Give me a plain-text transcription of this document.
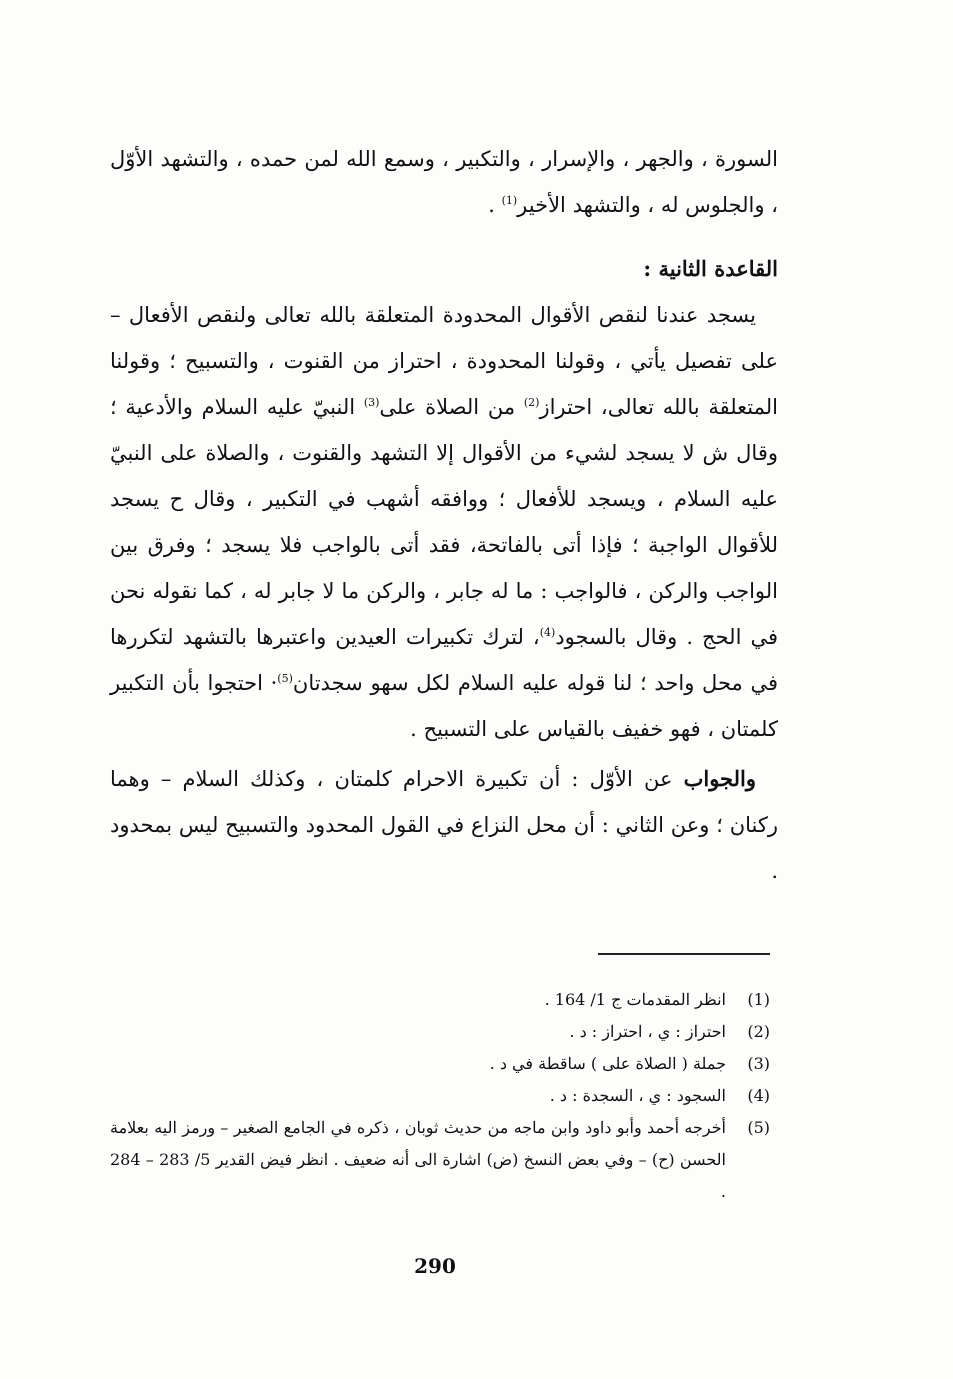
السورة ، والجهر ، والإسرار ، والتكبير ، وسمع الله لمن حمده ، والتشهد الأوّل ، والجلوس له ، والتشهد الأخير$^{(1)}$ .

القاعدة الثانية :

يسجد عندنا لنقص الأقوال المحدودة المتعلقة بالله تعالى ولنقص الأفعال – على تفصيل يأتي ، وقولنا المحدودة ، احتراز من القنوت ، والتسبيح ؛ وقولنا المتعلقة بالله تعالى، احتراز$^{(2)}$ من الصلاة على$^{(3)}$ النبيّ عليه السلام والأدعية ؛ وقال ش لا يسجد لشيء من الأقوال إلا التشهد والقنوت ، والصلاة على النبيّ عليه السلام ، ويسجد للأفعال ؛ ووافقه أشهب في التكبير ، وقال ح يسجد للأقوال الواجبة ؛ فإذا أتى بالفاتحة، فقد أتى بالواجب فلا يسجد ؛ وفرق بين الواجب والركن ، فالواجب : ما له جابر ، والركن ما لا جابر له ، كما نقوله نحن في الحج . وقال بالسجود$^{(4)}$، لترك تكبيرات العيدين واعتبرها بالتشهد لتكررها في محل واحد ؛ لنا قوله عليه السلام لكل سهو سجدتان$^{(5)}$· احتجوا بأن التكبير كلمتان ، فهو خفيف بالقياس على التسبيح .

والجواب عن الأوّل : أن تكبيرة الاحرام كلمتان ، وكذلك السلام – وهما ركنان ؛ وعن الثاني : أن محل النزاع في القول المحدود والتسبيح ليس بمحدود .

(1)
انظر المقدمات ج 1/ 164 .
(2)
احتراز : ي ، احتراز : د .
(3)
جملة ( الصلاة على ) ساقطة في د .
(4)
السجود : ي ، السجدة : د .
(5)
أخرجه أحمد وأبو داود وابن ماجه من حديث ثوبان ، ذكره في الجامع الصغير – ورمز اليه بعلامة الحسن (ح) – وفي بعض النسخ (ض) اشارة الى أنه ضعيف . انظر فيض القدير 5/ 283 – 284 .
290
